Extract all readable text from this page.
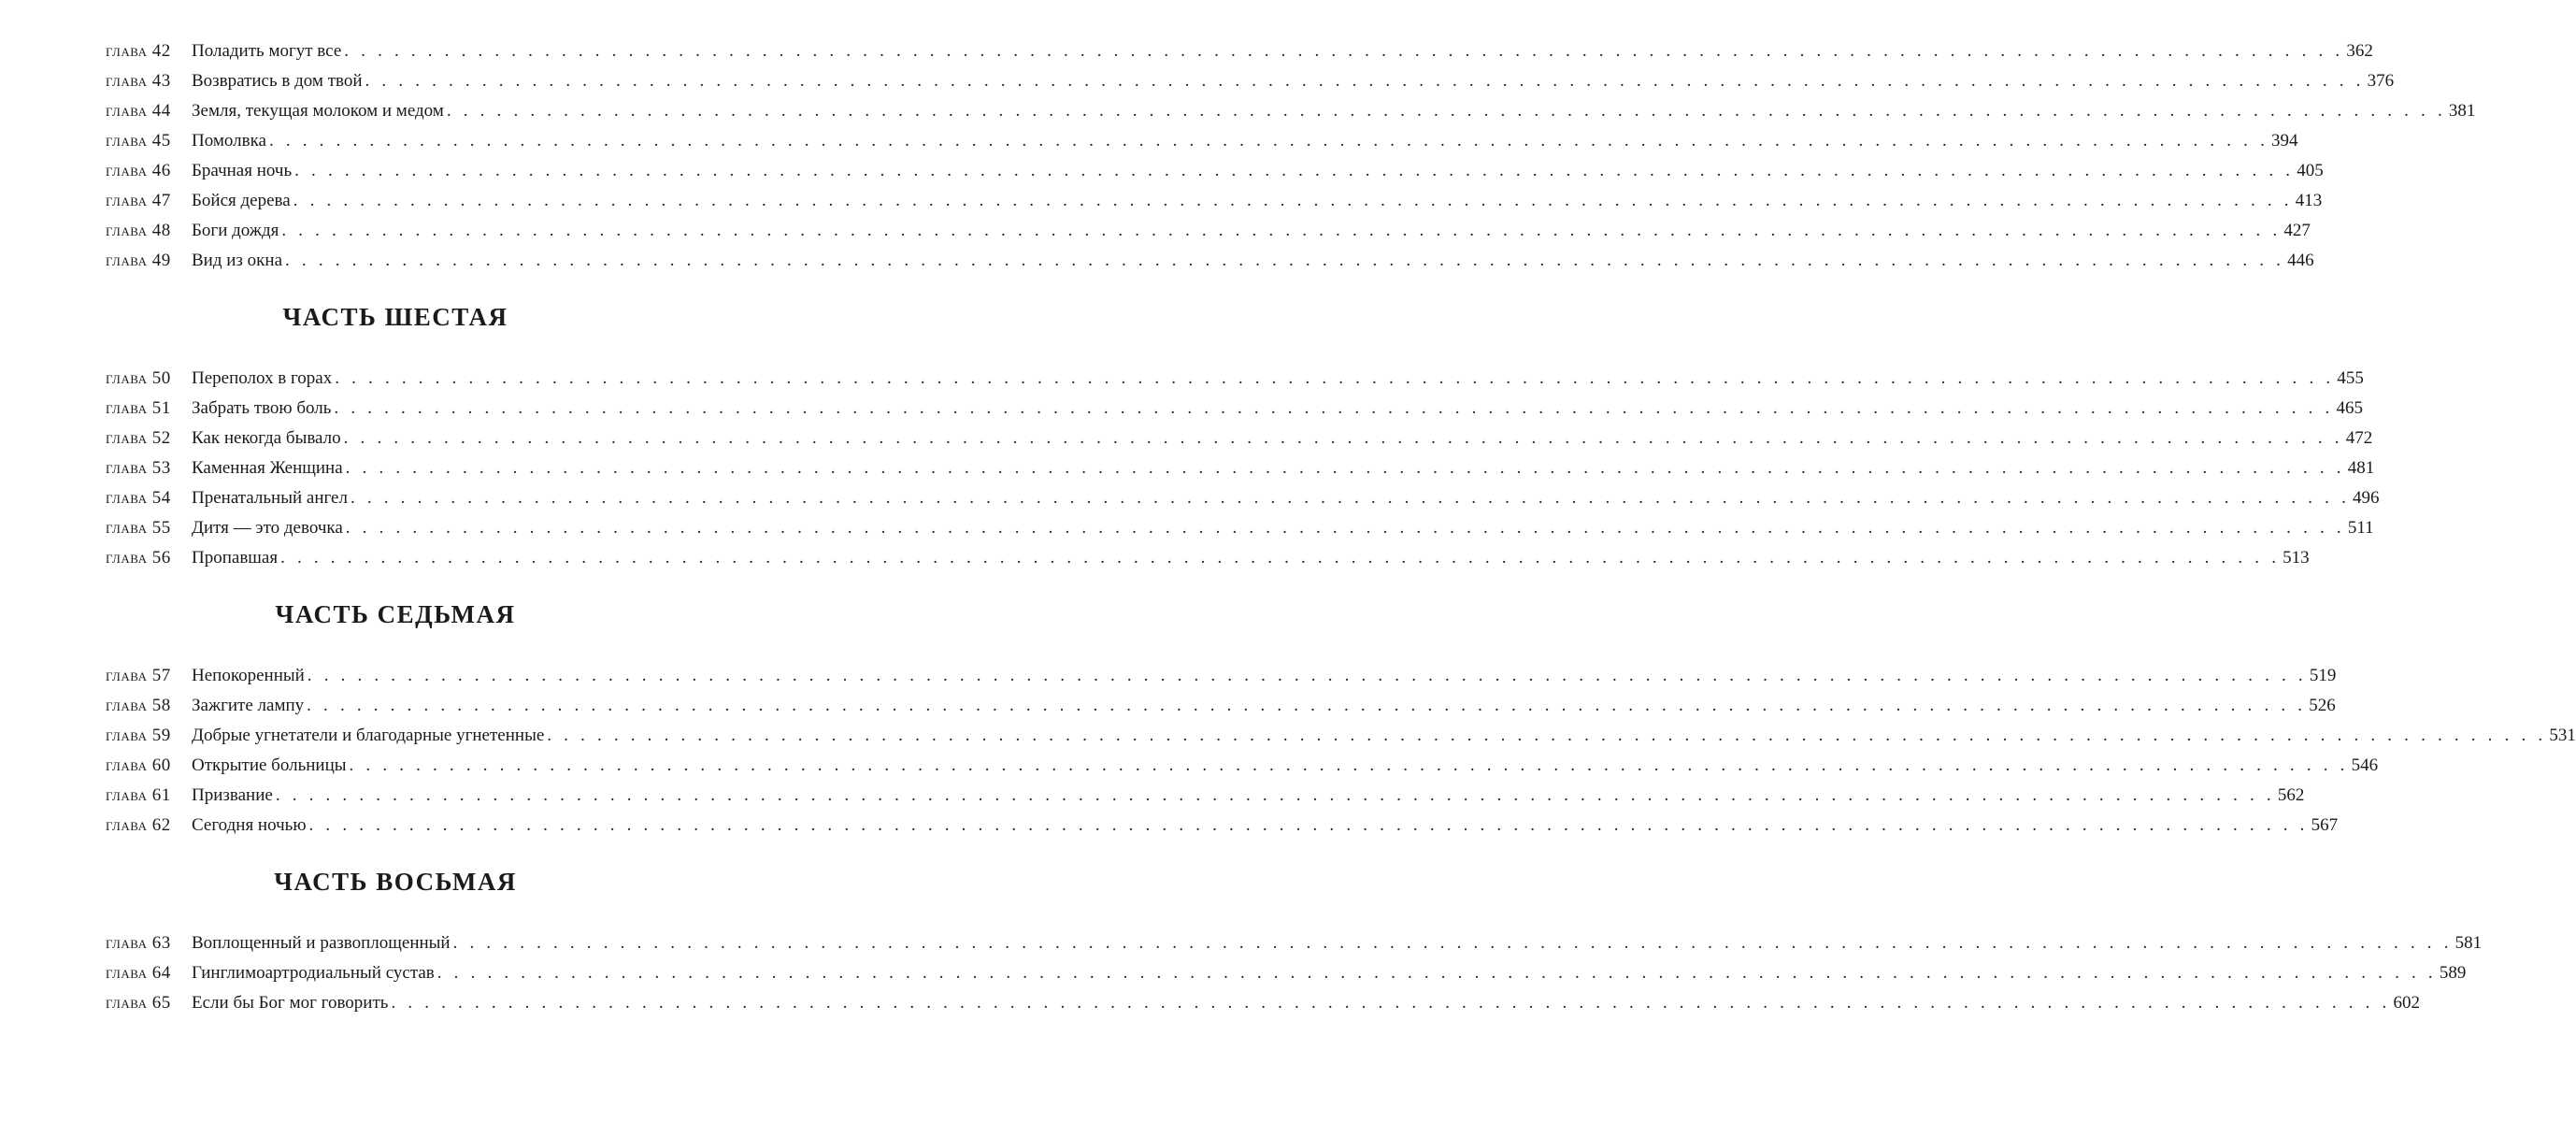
глава 42	Поладить могут все . . . . . . . . . . . . . . . . . . . . . . . . . . . . . . . . . . . . . . . . . . . . . . . . . . . . . . . . . . . . . . . . . . . . . . . . . . . . . . . . . . . . . . . . . . . . . . . . . . . . . . . . . . . . . . . . . . . . . . . . 362
глава 43	Возвратись в дом твой . . . . . . . . . . . . . . . . . . . . . . . . . . . . . . . . . . . . . . . . . . . . . . . . . . . . . . . . . . . . . . . . . . . . . . . . . . . . . . . . . . . . . . . . . . . . . . . . . . . . . . . . . . . . . . . . . . . . . . . . 376
глава 44	Земля, текущая молоком и медом . . . . . . . . . . . . . . . . . . . . . . . . . . . . . . . . . . . . . . . . . . . . . . . . . . . . . . . . . . . . . . . . . . . . . . . . . . . . . . . . . . . . . . . . . . . . . . . . . . . . . . . . . . . . . . . . . . . . . . . . 381
глава 45	Помолвка . . . . . . . . . . . . . . . . . . . . . . . . . . . . . . . . . . . . . . . . . . . . . . . . . . . . . . . . . . . . . . . . . . . . . . . . . . . . . . . . . . . . . . . . . . . . . . . . . . . . . . . . . . . . . . . . . . . . . . . . 394
глава 46	Брачная ночь . . . . . . . . . . . . . . . . . . . . . . . . . . . . . . . . . . . . . . . . . . . . . . . . . . . . . . . . . . . . . . . . . . . . . . . . . . . . . . . . . . . . . . . . . . . . . . . . . . . . . . . . . . . . . . . . . . . . . . . . 405
глава 47	Бойся дерева . . . . . . . . . . . . . . . . . . . . . . . . . . . . . . . . . . . . . . . . . . . . . . . . . . . . . . . . . . . . . . . . . . . . . . . . . . . . . . . . . . . . . . . . . . . . . . . . . . . . . . . . . . . . . . . . . . . . . . . . 413
глава 48	Боги дождя . . . . . . . . . . . . . . . . . . . . . . . . . . . . . . . . . . . . . . . . . . . . . . . . . . . . . . . . . . . . . . . . . . . . . . . . . . . . . . . . . . . . . . . . . . . . . . . . . . . . . . . . . . . . . . . . . . . . . . . . 427
глава 49	Вид из окна . . . . . . . . . . . . . . . . . . . . . . . . . . . . . . . . . . . . . . . . . . . . . . . . . . . . . . . . . . . . . . . . . . . . . . . . . . . . . . . . . . . . . . . . . . . . . . . . . . . . . . . . . . . . . . . . . . . . . . . . 446
ЧАСТЬ ШЕСТАЯ
глава 50	Переполох в горах . . . . . . . . . . . . . . . . . . . . . . . . . . . . . . . . . . . . . . . . . . . . . . . . . . . . . . . . . . . . . . . . . . . . . . . . . . . . . . . . . . . . . . . . . . . . . . . . . . . . . . . . . . . . . . . . . . . . . . . . 455
глава 51	Забрать твою боль . . . . . . . . . . . . . . . . . . . . . . . . . . . . . . . . . . . . . . . . . . . . . . . . . . . . . . . . . . . . . . . . . . . . . . . . . . . . . . . . . . . . . . . . . . . . . . . . . . . . . . . . . . . . . . . . . . . . . . . . 465
глава 52	Как некогда бывало . . . . . . . . . . . . . . . . . . . . . . . . . . . . . . . . . . . . . . . . . . . . . . . . . . . . . . . . . . . . . . . . . . . . . . . . . . . . . . . . . . . . . . . . . . . . . . . . . . . . . . . . . . . . . . . . . . . . . . . . 472
глава 53	Каменная Женщина . . . . . . . . . . . . . . . . . . . . . . . . . . . . . . . . . . . . . . . . . . . . . . . . . . . . . . . . . . . . . . . . . . . . . . . . . . . . . . . . . . . . . . . . . . . . . . . . . . . . . . . . . . . . . . . . . . . . . . . . 481
глава 54	Пренатальный ангел . . . . . . . . . . . . . . . . . . . . . . . . . . . . . . . . . . . . . . . . . . . . . . . . . . . . . . . . . . . . . . . . . . . . . . . . . . . . . . . . . . . . . . . . . . . . . . . . . . . . . . . . . . . . . . . . . . . . . . . . 496
глава 55	Дитя — это девочка . . . . . . . . . . . . . . . . . . . . . . . . . . . . . . . . . . . . . . . . . . . . . . . . . . . . . . . . . . . . . . . . . . . . . . . . . . . . . . . . . . . . . . . . . . . . . . . . . . . . . . . . . . . . . . . . . . . . . . . . 511
глава 56	Пропавшая . . . . . . . . . . . . . . . . . . . . . . . . . . . . . . . . . . . . . . . . . . . . . . . . . . . . . . . . . . . . . . . . . . . . . . . . . . . . . . . . . . . . . . . . . . . . . . . . . . . . . . . . . . . . . . . . . . . . . . . . 513
ЧАСТЬ СЕДЬМАЯ
глава 57	Непокоренный . . . . . . . . . . . . . . . . . . . . . . . . . . . . . . . . . . . . . . . . . . . . . . . . . . . . . . . . . . . . . . . . . . . . . . . . . . . . . . . . . . . . . . . . . . . . . . . . . . . . . . . . . . . . . . . . . . . . . . . . 519
глава 58	Зажгите лампу . . . . . . . . . . . . . . . . . . . . . . . . . . . . . . . . . . . . . . . . . . . . . . . . . . . . . . . . . . . . . . . . . . . . . . . . . . . . . . . . . . . . . . . . . . . . . . . . . . . . . . . . . . . . . . . . . . . . . . . . 526
глава 59	Добрые угнетатели и благодарные угнетенные . . . . . . . . . . . . . . . . . . . . . . . . . . . . . . . . . . . . . . . . . . . . . . . . . . . . . . . . . . . . . . . . . . . . . . . . . . . . . . . . . . . . . . . . . . . . . . . . . . . . . . . . . . . . . . . . . . . . . . . . 531
глава 60	Открытие больницы . . . . . . . . . . . . . . . . . . . . . . . . . . . . . . . . . . . . . . . . . . . . . . . . . . . . . . . . . . . . . . . . . . . . . . . . . . . . . . . . . . . . . . . . . . . . . . . . . . . . . . . . . . . . . . . . . . . . . . . . 546
глава 61	Призвание . . . . . . . . . . . . . . . . . . . . . . . . . . . . . . . . . . . . . . . . . . . . . . . . . . . . . . . . . . . . . . . . . . . . . . . . . . . . . . . . . . . . . . . . . . . . . . . . . . . . . . . . . . . . . . . . . . . . . . . . 562
глава 62	Сегодня ночью . . . . . . . . . . . . . . . . . . . . . . . . . . . . . . . . . . . . . . . . . . . . . . . . . . . . . . . . . . . . . . . . . . . . . . . . . . . . . . . . . . . . . . . . . . . . . . . . . . . . . . . . . . . . . . . . . . . . . . . . 567
ЧАСТЬ ВОСЬМАЯ
глава 63	Воплощенный и развоплощенный . . . . . . . . . . . . . . . . . . . . . . . . . . . . . . . . . . . . . . . . . . . . . . . . . . . . . . . . . . . . . . . . . . . . . . . . . . . . . . . . . . . . . . . . . . . . . . . . . . . . . . . . . . . . . . . . . . . . . . . . 581
глава 64	Гинглимоартродиальный сустав . . . . . . . . . . . . . . . . . . . . . . . . . . . . . . . . . . . . . . . . . . . . . . . . . . . . . . . . . . . . . . . . . . . . . . . . . . . . . . . . . . . . . . . . . . . . . . . . . . . . . . . . . . . . . . . . . . . . . . . . 589
глава 65	Если бы Бог мог говорить . . . . . . . . . . . . . . . . . . . . . . . . . . . . . . . . . . . . . . . . . . . . . . . . . . . . . . . . . . . . . . . . . . . . . . . . . . . . . . . . . . . . . . . . . . . . . . . . . . . . . . . . . . . . . . . . . . . . . . . . 602
